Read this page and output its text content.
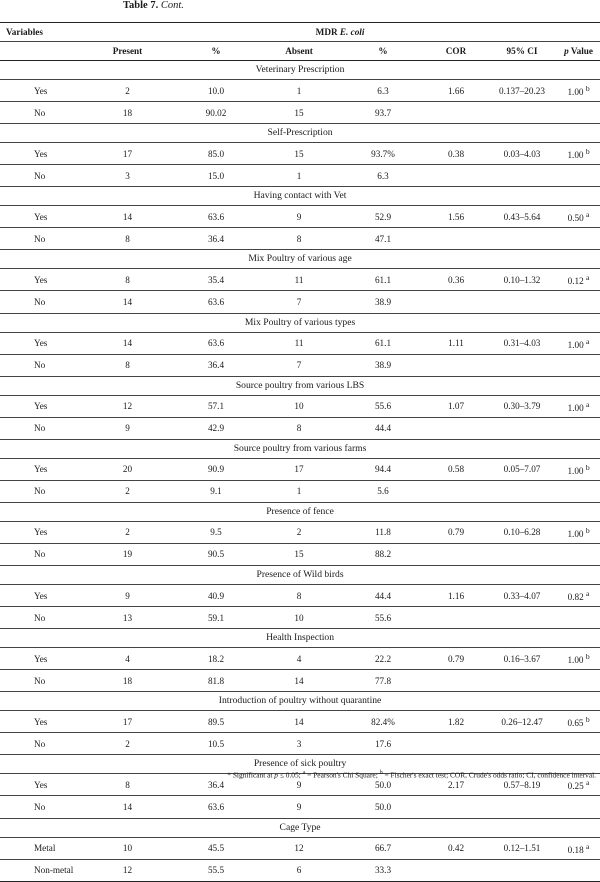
Table 7. Cont.
Variables	MDR E. coli						
	Present	%	Absent	%	COR	95% CI	p Value
Veterinary Prescription							
Yes	2	10.0	1	6.3	1.66	0.137–20.23	1.00 $^b$
No	18	90.02	15	93.7			
Self-Prescription							
Yes	17	85.0	15	93.7%	0.38	0.03–4.03	1.00 $^b$
No	3	15.0	1	6.3			
Having contact with Vet							
Yes	14	63.6	9	52.9	1.56	0.43–5.64	0.50 $^a$
No	8	36.4	8	47.1			
Mix Poultry of various age							
Yes	8	35.4	11	61.1	0.36	0.10–1.32	0.12 $^a$
No	14	63.6	7	38.9			
Mix Poultry of various types							
Yes	14	63.6	11	61.1	1.11	0.31–4.03	1.00 $^a$
No	8	36.4	7	38.9			
Source poultry from various LBS							
Yes	12	57.1	10	55.6	1.07	0.30–3.79	1.00 $^a$
No	9	42.9	8	44.4			
Source poultry from various farms							
Yes	20	90.9	17	94.4	0.58	0.05–7.07	1.00 $^b$
No	2	9.1	1	5.6			
Presence of fence							
Yes	2	9.5	2	11.8	0.79	0.10–6.28	1.00 $^b$
No	19	90.5	15	88.2			
Presence of Wild birds							
Yes	9	40.9	8	44.4	1.16	0.33–4.07	0.82 $^a$
No	13	59.1	10	55.6			
Health Inspection							
Yes	4	18.2	4	22.2	0.79	0.16–3.67	1.00 $^b$
No	18	81.8	14	77.8			
Introduction of poultry without quarantine							
Yes	17	89.5	14	82.4%	1.82	0.26–12.47	0.65 $^b$
No	2	10.5	3	17.6			
Presence of sick poultry							
Yes	8	36.4	9	50.0	2.17	0.57–8.19	0.25 $^a$
No	14	63.6	9	50.0			
Cage Type							
Metal	10	45.5	12	66.7	0.42	0.12–1.51	0.18 $^a$
Non-metal	12	55.5	6	33.3			
* Significant at p ≤ 0.05; $^a$ = Pearson's Chi Square; $^b$ = Fischer's exact test; COR, Crude's odds ratio; CI, confidence interval.
